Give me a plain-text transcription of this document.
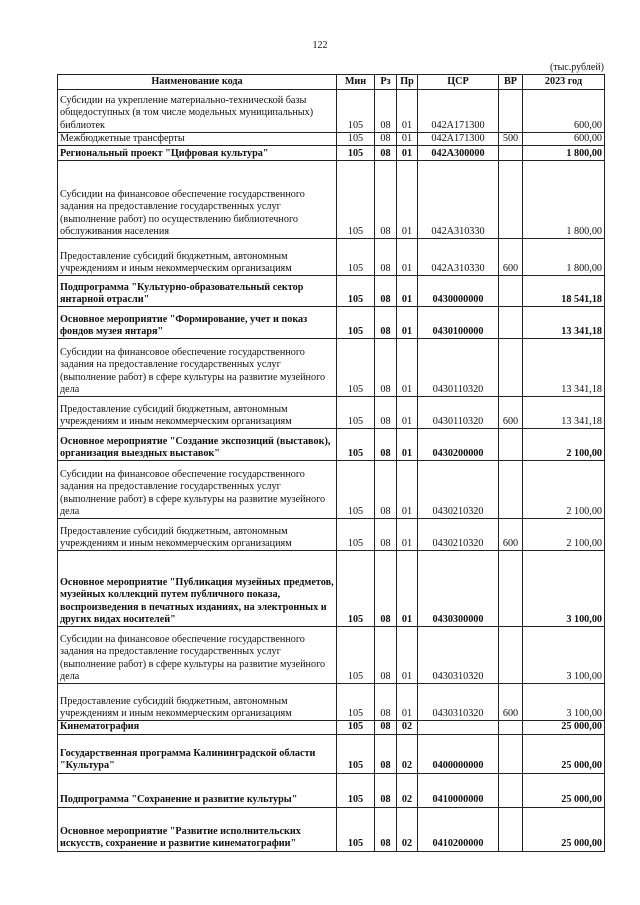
122
(тыс.рублей)
Наименование кода	Мин	Рз	Пр	ЦСР	ВР	2023 год
Субсидии на укрепление материально-технической базы общедоступных (в том числе модельных муниципальных) библиотек	105	08	01	042A171300		600,00
Межбюджетные трансферты	105	08	01	042A171300	500	600,00
Региональный проект "Цифровая культура"	105	08	01	042A300000		1 800,00
Субсидии на финансовое обеспечение государственного задания на предоставление государственных услуг (выполнение работ) по осуществлению библиотечного обслуживания населения	105	08	01	042A310330		1 800,00
Предоставление субсидий бюджетным, автономным учреждениям и иным некоммерческим организациям	105	08	01	042A310330	600	1 800,00
Подпрограмма "Культурно-образовательный сектор янтарной отрасли"	105	08	01	0430000000		18 541,18
Основное мероприятие "Формирование, учет и показ фондов музея янтаря"	105	08	01	0430100000		13 341,18
Субсидии на финансовое обеспечение государственного задания на предоставление государственных услуг (выполнение работ) в сфере культуры на развитие музейного дела	105	08	01	0430110320		13 341,18
Предоставление субсидий бюджетным, автономным учреждениям и иным некоммерческим организациям	105	08	01	0430110320	600	13 341,18
Основное мероприятие "Создание экспозиций (выставок), организация выездных выставок"	105	08	01	0430200000		2 100,00
Субсидии на финансовое обеспечение государственного задания на предоставление государственных услуг (выполнение работ) в сфере культуры на развитие музейного дела	105	08	01	0430210320		2 100,00
Предоставление субсидий бюджетным, автономным учреждениям и иным некоммерческим организациям	105	08	01	0430210320	600	2 100,00
Основное мероприятие "Публикация музейных предметов, музейных коллекций путем публичного показа, воспроизведения в печатных изданиях, на электронных и других видах носителей"	105	08	01	0430300000		3 100,00
Субсидии на финансовое обеспечение государственного задания на предоставление государственных услуг (выполнение работ) в сфере культуры на развитие музейного дела	105	08	01	0430310320		3 100,00
Предоставление субсидий бюджетным, автономным учреждениям и иным некоммерческим организациям	105	08	01	0430310320	600	3 100,00
Кинематография	105	08	02			25 000,00
Государственная программа Калининградской области "Культура"	105	08	02	0400000000		25 000,00
Подпрограмма "Сохранение и развитие культуры"	105	08	02	0410000000		25 000,00
Основное мероприятие "Развитие исполнительских искусств, сохранение и развитие кинематографии"	105	08	02	0410200000		25 000,00
